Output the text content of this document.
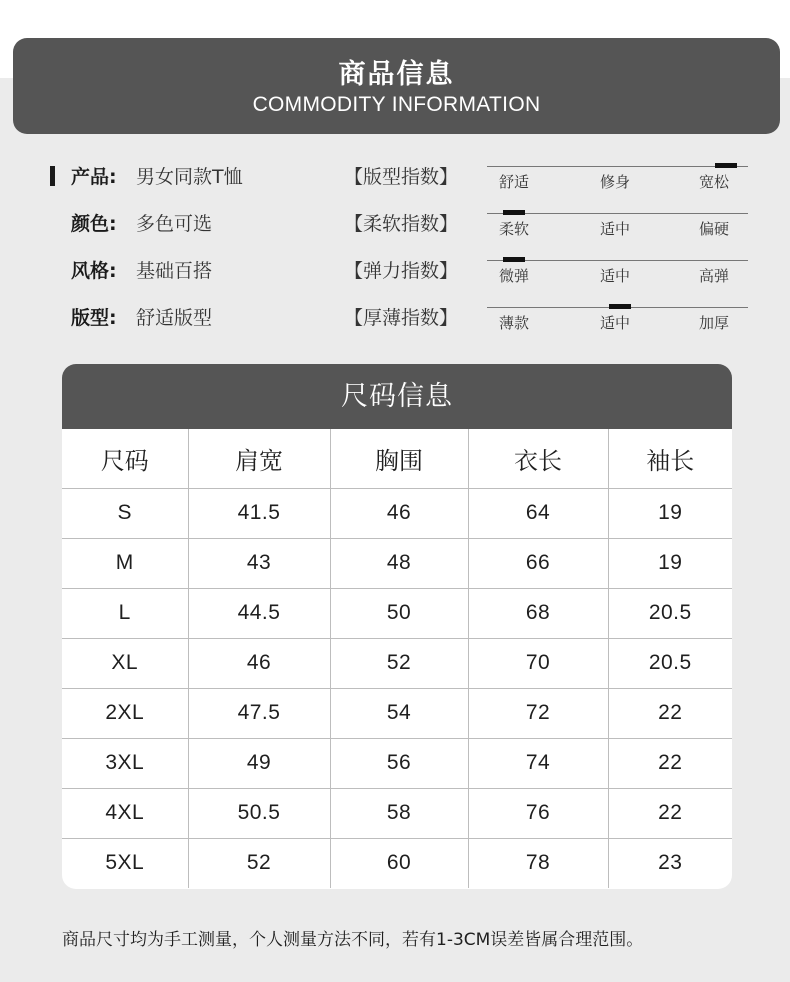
商品信息
COMMODITY INFORMATION
产品: 男女同款T恤	【版型指数】	舒适	修身	宽松
颜色: 多色可选	【柔软指数】	柔软	适中	偏硬
风格: 基础百搭	【弹力指数】	微弹	适中	高弹
版型: 舒适版型	【厚薄指数】	薄款	适中	加厚
尺码信息
尺码	肩宽	胸围	衣长	袖长
S	41.5	46	64	19
M	43	48	66	19
L	44.5	50	68	20.5
XL	46	52	70	20.5
2XL	47.5	54	72	22
3XL	49	56	74	22
4XL	50.5	58	76	22
5XL	52	60	78	23
商品尺寸均为手工测量，个人测量方法不同，若有1-3CM误差皆属合理范围。
